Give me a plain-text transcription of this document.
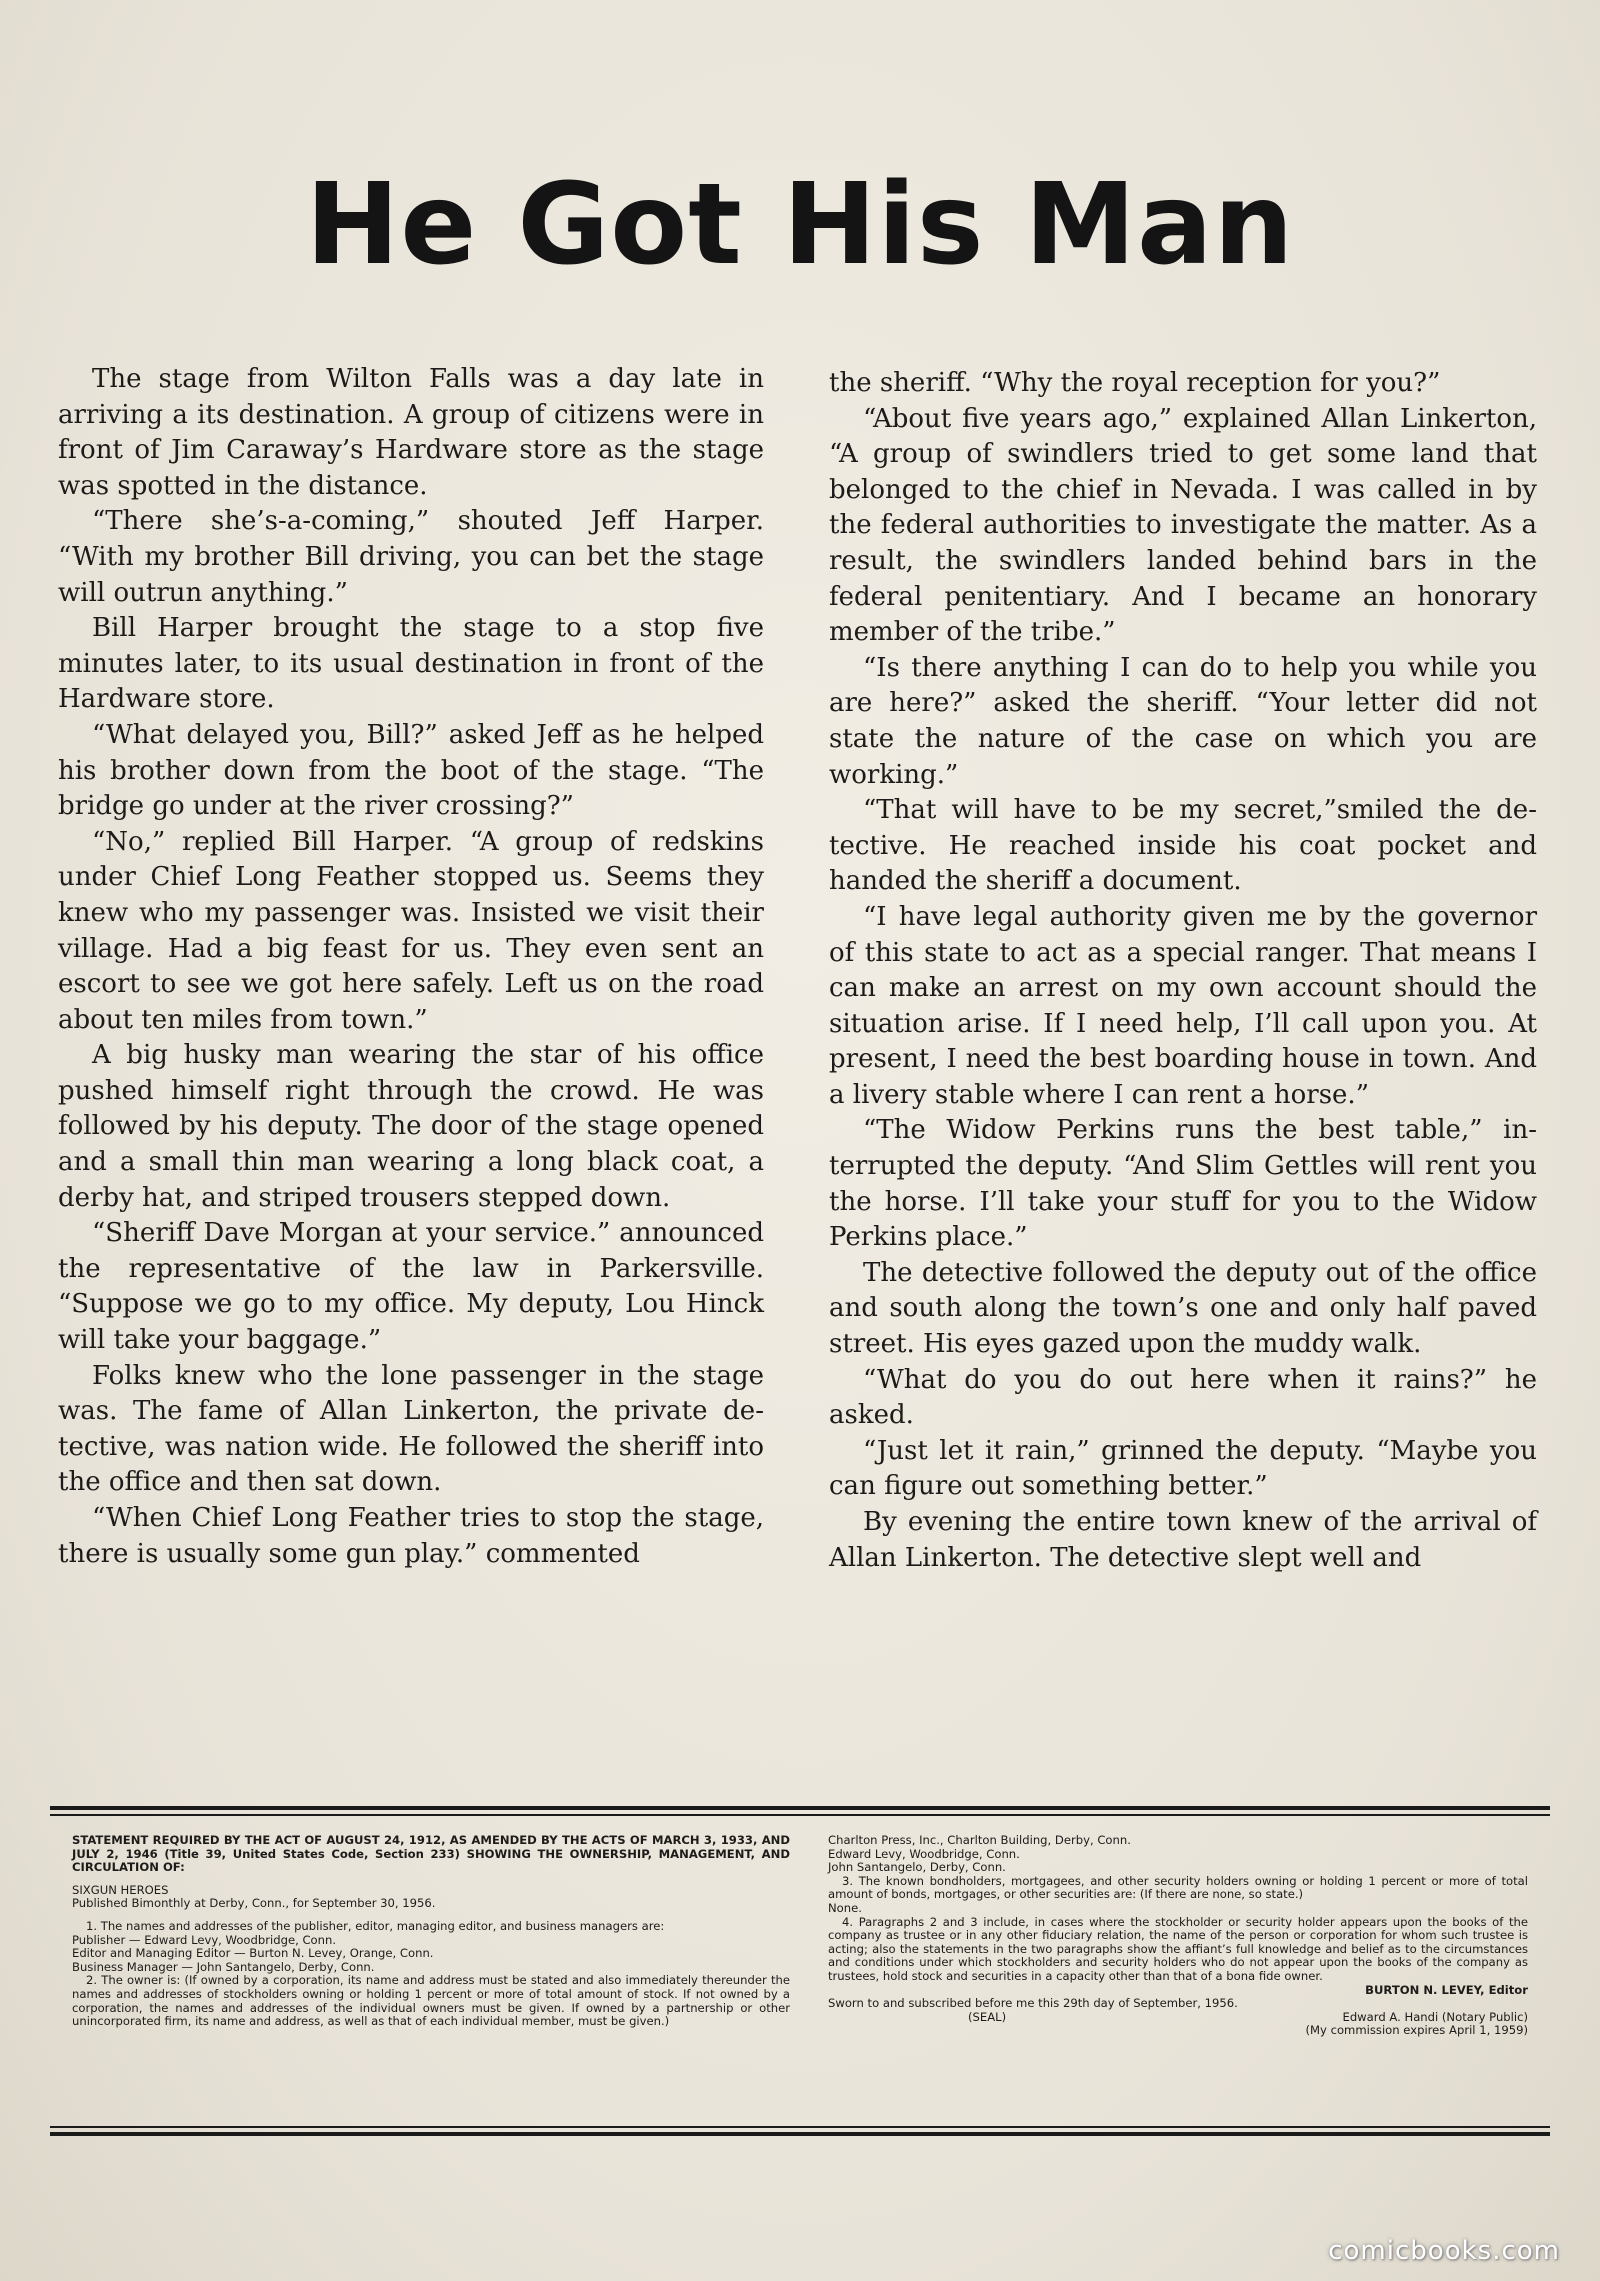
He Got His Man

The stage from Wilton Falls was a day late in arriving a its destination. A group of citizens were in front of Jim Caraway’s Hardware store as the stage was spotted in the distance.

“There she’s-a-coming,” shouted Jeff Harper. “With my brother Bill driving, you can bet the stage will outrun anything.”

Bill Harper brought the stage to a stop five minutes later, to its usual destination in front of the Hardware store.

“What delayed you, Bill?” asked Jeff as he helped his brother down from the boot of the stage. “The bridge go under at the river crossing?”

“No,” replied Bill Harper. “A group of redskins under Chief Long Feather stopped us. Seems they knew who my passenger was. Insisted we visit their village. Had a big feast for us. They even sent an escort to see we got here safely. Left us on the road about ten miles from town.”

A big husky man wearing the star of his office pushed himself right through the crowd. He was followed by his deputy. The door of the stage opened and a small thin man wearing a long black coat, a derby hat, and striped trousers stepped down.

“Sheriff Dave Morgan at your service.” announced the representative of the law in Parkersville. “Suppose we go to my office. My deputy, Lou Hinck will take your baggage.”

Folks knew who the lone passenger in the stage was. The fame of Allan Linkerton, the private detective, was nation wide. He followed the sheriff into the office and then sat down.

“When Chief Long Feather tries to stop the stage, there is usually some gun play.” commented

the sheriff. “Why the royal reception for you?”

“About five years ago,” explained Allan Linkerton, “A group of swindlers tried to get some land that belonged to the chief in Nevada. I was called in by the federal authorities to investigate the matter. As a result, the swindlers landed behind bars in the federal penitentiary. And I became an honorary member of the tribe.”

“Is there anything I can do to help you while you are here?” asked the sheriff. “Your letter did not state the nature of the case on which you are working.”

“That will have to be my secret,”smiled the detective. He reached inside his coat pocket and handed the sheriff a document.

“I have legal authority given me by the governor of this state to act as a special ranger. That means I can make an arrest on my own account should the situation arise. If I need help, I’ll call upon you. At present, I need the best boarding house in town. And a livery stable where I can rent a horse.”

“The Widow Perkins runs the best table,” interrupted the deputy. “And Slim Gettles will rent you the horse. I’ll take your stuff for you to the Widow Perkins place.”

The detective followed the deputy out of the office and south along the town’s one and only half paved street. His eyes gazed upon the muddy walk.

“What do you do out here when it rains?” he asked.

“Just let it rain,” grinned the deputy. “Maybe you can figure out something better.”

By evening the entire town knew of the arrival of Allan Linkerton. The detective slept well and

STATEMENT REQUIRED BY THE ACT OF AUGUST 24, 1912, AS AMENDED BY THE ACTS OF MARCH 3, 1933, AND JULY 2, 1946 (Title 39, United States Code, Section 233) SHOWING THE OWNERSHIP, MANAGEMENT, AND CIRCULATION OF:

SIXGUN HEROES

Published Bimonthly at Derby, Conn., for September 30, 1956.

1. The names and addresses of the publisher, editor, managing editor, and business managers are:

Publisher — Edward Levy, Woodbridge, Conn.

Editor and Managing Editor — Burton N. Levey, Orange, Conn.

Business Manager — John Santangelo, Derby, Conn.

2. The owner is: (If owned by a corporation, its name and address must be stated and also immediately thereunder the names and addresses of stockholders owning or holding 1 percent or more of total amount of stock. If not owned by a corporation, the names and addresses of the individual owners must be given. If owned by a partnership or other unincorporated firm, its name and address, as well as that of each individual member, must be given.)

Charlton Press, Inc., Charlton Building, Derby, Conn.

Edward Levy, Woodbridge, Conn.

John Santangelo, Derby, Conn.

3. The known bondholders, mortgagees, and other security holders owning or holding 1 percent or more of total amount of bonds, mortgages, or other securities are: (If there are none, so state.)

None.

4. Paragraphs 2 and 3 include, in cases where the stockholder or security holder appears upon the books of the company as trustee or in any other fiduciary relation, the name of the person or corporation for whom such trustee is acting; also the statements in the two paragraphs show the affiant’s full knowledge and belief as to the circumstances and conditions under which stockholders and security holders who do not appear upon the books of the company as trustees, hold stock and securities in a capacity other than that of a bona fide owner.

BURTON N. LEVEY, Editor

Sworn to and subscribed before me this 29th day of September, 1956.

(SEAL)	Edward A. Handi (Notary Public)

(My commission expires April 1, 1959)

comicbooks.com
